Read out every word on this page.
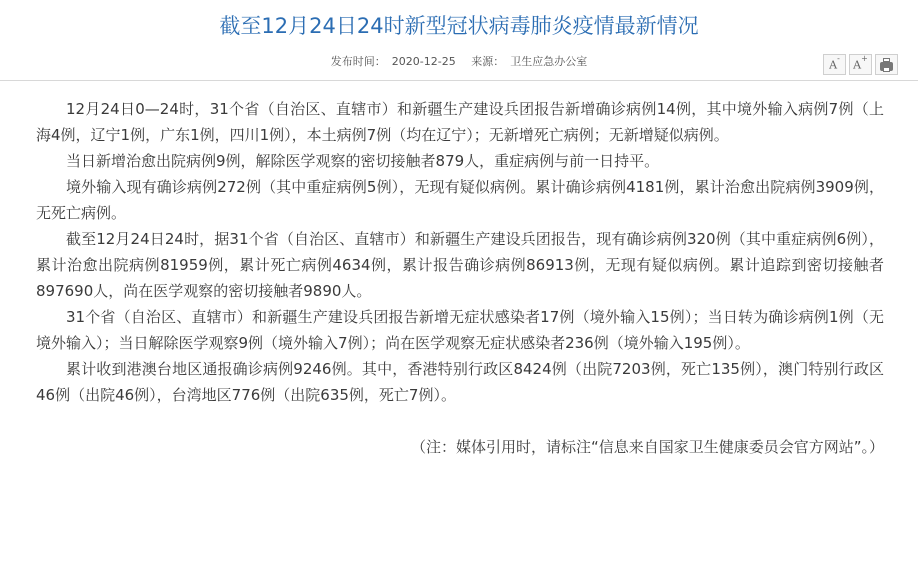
截至12月24日24时新型冠状病毒肺炎疫情最新情况
发布时间： 2020-12-25 来源： 卫生应急办公室	A-
A+

12月24日0—24时，31个省（自治区、直辖市）和新疆生产建设兵团报告新增确诊病例14例，其中境外输入病例7例（上海4例，辽宁1例，广东1例，四川1例），本土病例7例（均在辽宁）；无新增死亡病例；无新增疑似病例。

当日新增治愈出院病例9例，解除医学观察的密切接触者879人，重症病例与前一日持平。

境外输入现有确诊病例272例（其中重症病例5例），无现有疑似病例。累计确诊病例4181例，累计治愈出院病例3909例，无死亡病例。

截至12月24日24时，据31个省（自治区、直辖市）和新疆生产建设兵团报告，现有确诊病例320例（其中重症病例6例），累计治愈出院病例81959例，累计死亡病例4634例，累计报告确诊病例86913例，无现有疑似病例。累计追踪到密切接触者897690人，尚在医学观察的密切接触者9890人。

31个省（自治区、直辖市）和新疆生产建设兵团报告新增无症状感染者17例（境外输入15例）；当日转为确诊病例1例（无境外输入）；当日解除医学观察9例（境外输入7例）；尚在医学观察无症状感染者236例（境外输入195例）。

累计收到港澳台地区通报确诊病例9246例。其中，香港特别行政区8424例（出院7203例，死亡135例），澳门特别行政区46例（出院46例），台湾地区776例（出院635例，死亡7例）。

（注：媒体引用时，请标注“信息来自国家卫生健康委员会官方网站”。）
